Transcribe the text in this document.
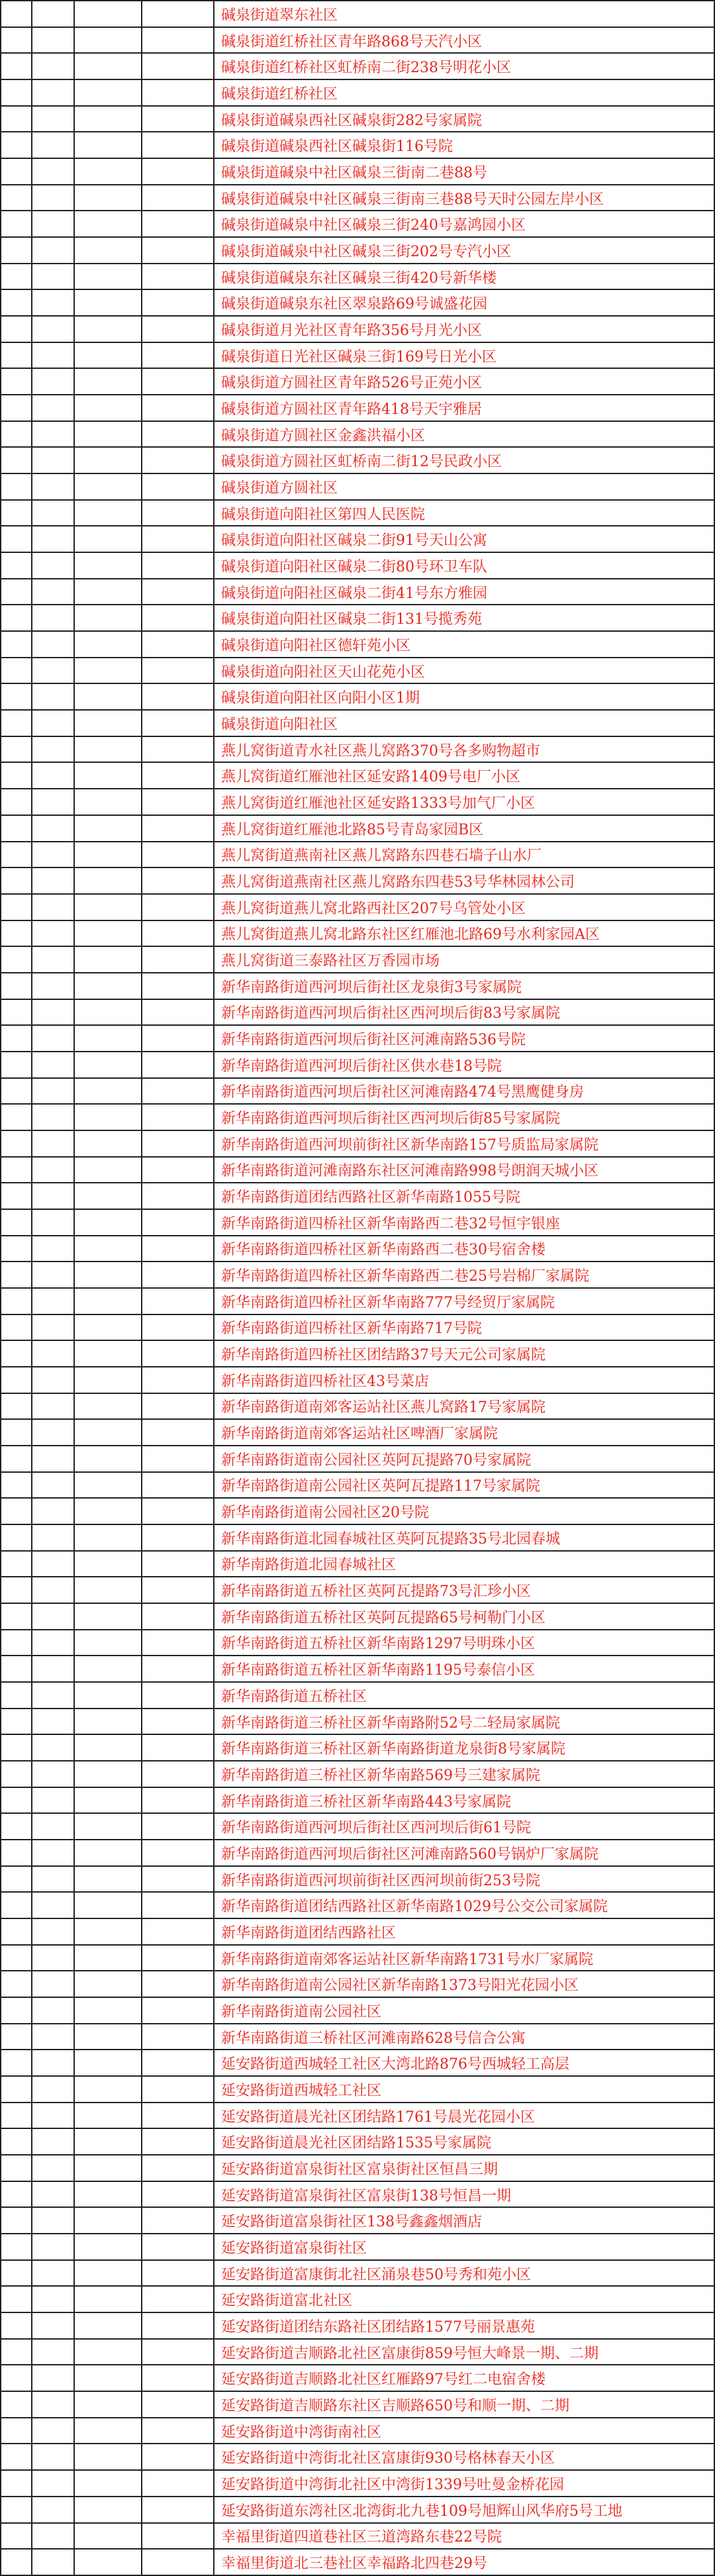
				碱泉街道翠东社区
				碱泉街道红桥社区青年路868号天汽小区
				碱泉街道红桥社区虹桥南二街238号明花小区
				碱泉街道红桥社区
				碱泉街道碱泉西社区碱泉街282号家属院
				碱泉街道碱泉西社区碱泉街116号院
				碱泉街道碱泉中社区碱泉三街南二巷88号
				碱泉街道碱泉中社区碱泉三街南三巷88号天时公园左岸小区
				碱泉街道碱泉中社区碱泉三街240号嘉鸿园小区
				碱泉街道碱泉中社区碱泉三街202号专汽小区
				碱泉街道碱泉东社区碱泉三街420号新华楼
				碱泉街道碱泉东社区翠泉路69号诚盛花园
				碱泉街道月光社区青年路356号月光小区
				碱泉街道日光社区碱泉三街169号日光小区
				碱泉街道方圆社区青年路526号正苑小区
				碱泉街道方圆社区青年路418号天宇雅居
				碱泉街道方圆社区金鑫洪福小区
				碱泉街道方圆社区虹桥南二街12号民政小区
				碱泉街道方圆社区
				碱泉街道向阳社区第四人民医院
				碱泉街道向阳社区碱泉二街91号天山公寓
				碱泉街道向阳社区碱泉二街80号环卫车队
				碱泉街道向阳社区碱泉二街41号东方雅园
				碱泉街道向阳社区碱泉二街131号揽秀苑
				碱泉街道向阳社区德轩苑小区
				碱泉街道向阳社区天山花苑小区
				碱泉街道向阳社区向阳小区1期
				碱泉街道向阳社区
				燕儿窝街道青水社区燕儿窝路370号各多购物超市
				燕儿窝街道红雁池社区延安路1409号电厂小区
				燕儿窝街道红雁池社区延安路1333号加气厂小区
				燕儿窝街道红雁池北路85号青岛家园B区
				燕儿窝街道燕南社区燕儿窝路东四巷石墙子山水厂
				燕儿窝街道燕南社区燕儿窝路东四巷53号华林园林公司
				燕儿窝街道燕儿窝北路西社区207号乌管处小区
				燕儿窝街道燕儿窝北路东社区红雁池北路69号水利家园A区
				燕儿窝街道三泰路社区万香园市场
				新华南路街道西河坝后街社区龙泉街3号家属院
				新华南路街道西河坝后街社区西河坝后街83号家属院
				新华南路街道西河坝后街社区河滩南路536号院
				新华南路街道西河坝后街社区供水巷18号院
				新华南路街道西河坝后街社区河滩南路474号黑鹰健身房
				新华南路街道西河坝后街社区西河坝后街85号家属院
				新华南路街道西河坝前街社区新华南路157号质监局家属院
				新华南路街道河滩南路东社区河滩南路998号朗润天城小区
				新华南路街道团结西路社区新华南路1055号院
				新华南路街道四桥社区新华南路西二巷32号恒宇银座
				新华南路街道四桥社区新华南路西二巷30号宿舍楼
				新华南路街道四桥社区新华南路西二巷25号岩棉厂家属院
				新华南路街道四桥社区新华南路777号经贸厅家属院
				新华南路街道四桥社区新华南路717号院
				新华南路街道四桥社区团结路37号天元公司家属院
				新华南路街道四桥社区43号菜店
				新华南路街道南郊客运站社区燕儿窝路17号家属院
				新华南路街道南郊客运站社区啤酒厂家属院
				新华南路街道南公园社区英阿瓦提路70号家属院
				新华南路街道南公园社区英阿瓦提路117号家属院
				新华南路街道南公园社区20号院
				新华南路街道北园春城社区英阿瓦提路35号北园春城
				新华南路街道北园春城社区
				新华南路街道五桥社区英阿瓦提路73号汇珍小区
				新华南路街道五桥社区英阿瓦提路65号柯勒门小区
				新华南路街道五桥社区新华南路1297号明珠小区
				新华南路街道五桥社区新华南路1195号泰信小区
				新华南路街道五桥社区
				新华南路街道三桥社区新华南路附52号二轻局家属院
				新华南路街道三桥社区新华南路街道龙泉街8号家属院
				新华南路街道三桥社区新华南路569号三建家属院
				新华南路街道三桥社区新华南路443号家属院
				新华南路街道西河坝后街社区西河坝后街61号院
				新华南路街道西河坝后街社区河滩南路560号锅炉厂家属院
				新华南路街道西河坝前街社区西河坝前街253号院
				新华南路街道团结西路社区新华南路1029号公交公司家属院
				新华南路街道团结西路社区
				新华南路街道南郊客运站社区新华南路1731号水厂家属院
				新华南路街道南公园社区新华南路1373号阳光花园小区
				新华南路街道南公园社区
				新华南路街道三桥社区河滩南路628号信合公寓
				延安路街道西城轻工社区大湾北路876号西城轻工高层
				延安路街道西城轻工社区
				延安路街道晨光社区团结路1761号晨光花园小区
				延安路街道晨光社区团结路1535号家属院
				延安路街道富泉街社区富泉街社区恒昌三期
				延安路街道富泉街社区富泉街138号恒昌一期
				延安路街道富泉街社区138号鑫鑫烟酒店
				延安路街道富泉街社区
				延安路街道富康街北社区涌泉巷50号秀和苑小区
				延安路街道富北社区
				延安路街道团结东路社区团结路1577号丽景惠苑
				延安路街道吉顺路北社区富康街859号恒大峰景一期、二期
				延安路街道吉顺路北社区红雁路97号红二电宿舍楼
				延安路街道吉顺路东社区吉顺路650号和顺一期、二期
				延安路街道中湾街南社区
				延安路街道中湾街北社区富康街930号格林春天小区
				延安路街道中湾街北社区中湾街1339号吐曼金桥花园
				延安路街道东湾社区北湾街北九巷109号旭辉山风华府5号工地
				幸福里街道四道巷社区三道湾路东巷22号院
				幸福里街道北三巷社区幸福路北四巷29号
